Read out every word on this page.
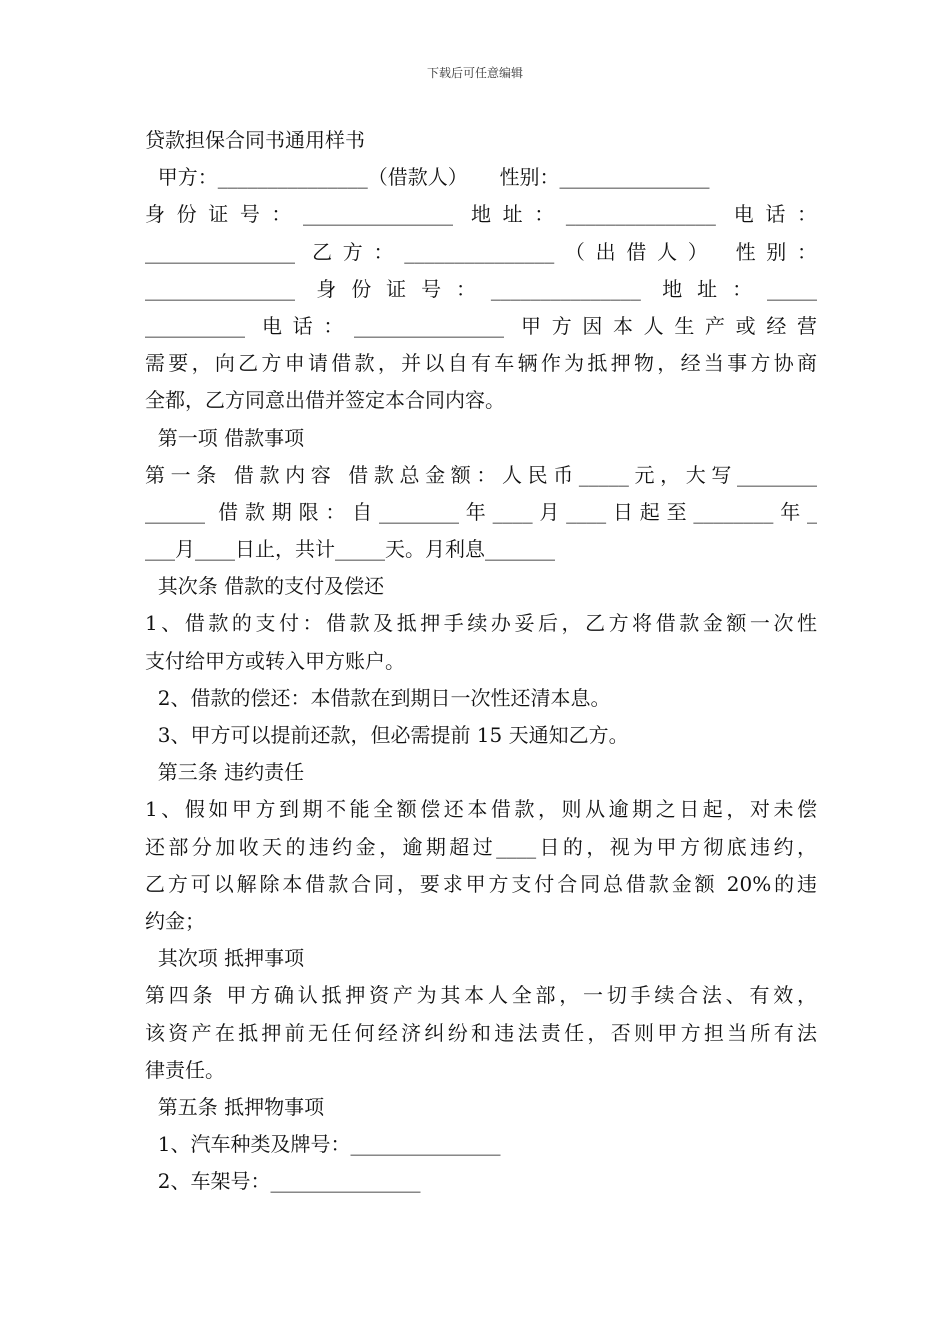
下载后可任意编辑
贷款担保合同书通用样书
甲方：_______________（借款人）     性别：_______________
身份证号：_______________ 地址：_______________ 电话：
_______________ 乙方：_______________（出借人） 性别：
_______________ 身份证号：_______________ 地址：_____
__________ 电话：_______________ 甲方因本人生产或经营
需要，向乙方申请借款，并以自有车辆作为抵押物，经当事方协商
全都，乙方同意出借并签定本合同内容。
第一项 借款事项
第一条 借款内容 借款总金额：人民币_____元，大写________
______ 借款期限：自________年____月____日起至________年_
___月____日止，共计_____天。月利息_______
其次条 借款的支付及偿还
1、借款的支付：借款及抵押手续办妥后，乙方将借款金额一次性
支付给甲方或转入甲方账户。
2、借款的偿还：本借款在到期日一次性还清本息。
3、甲方可以提前还款，但必需提前 15 天通知乙方。
第三条 违约责任
1、假如甲方到期不能全额偿还本借款，则从逾期之日起，对未偿
还部分加收天的违约金，逾期超过____日的，视为甲方彻底违约，
乙方可以解除本借款合同，要求甲方支付合同总借款金额 20%的违
约金；
其次项 抵押事项
第四条 甲方确认抵押资产为其本人全部，一切手续合法、有效，
该资产在抵押前无任何经济纠纷和违法责任，否则甲方担当所有法
律责任。
第五条 抵押物事项
1、汽车种类及牌号：_______________
2、车架号：_______________
